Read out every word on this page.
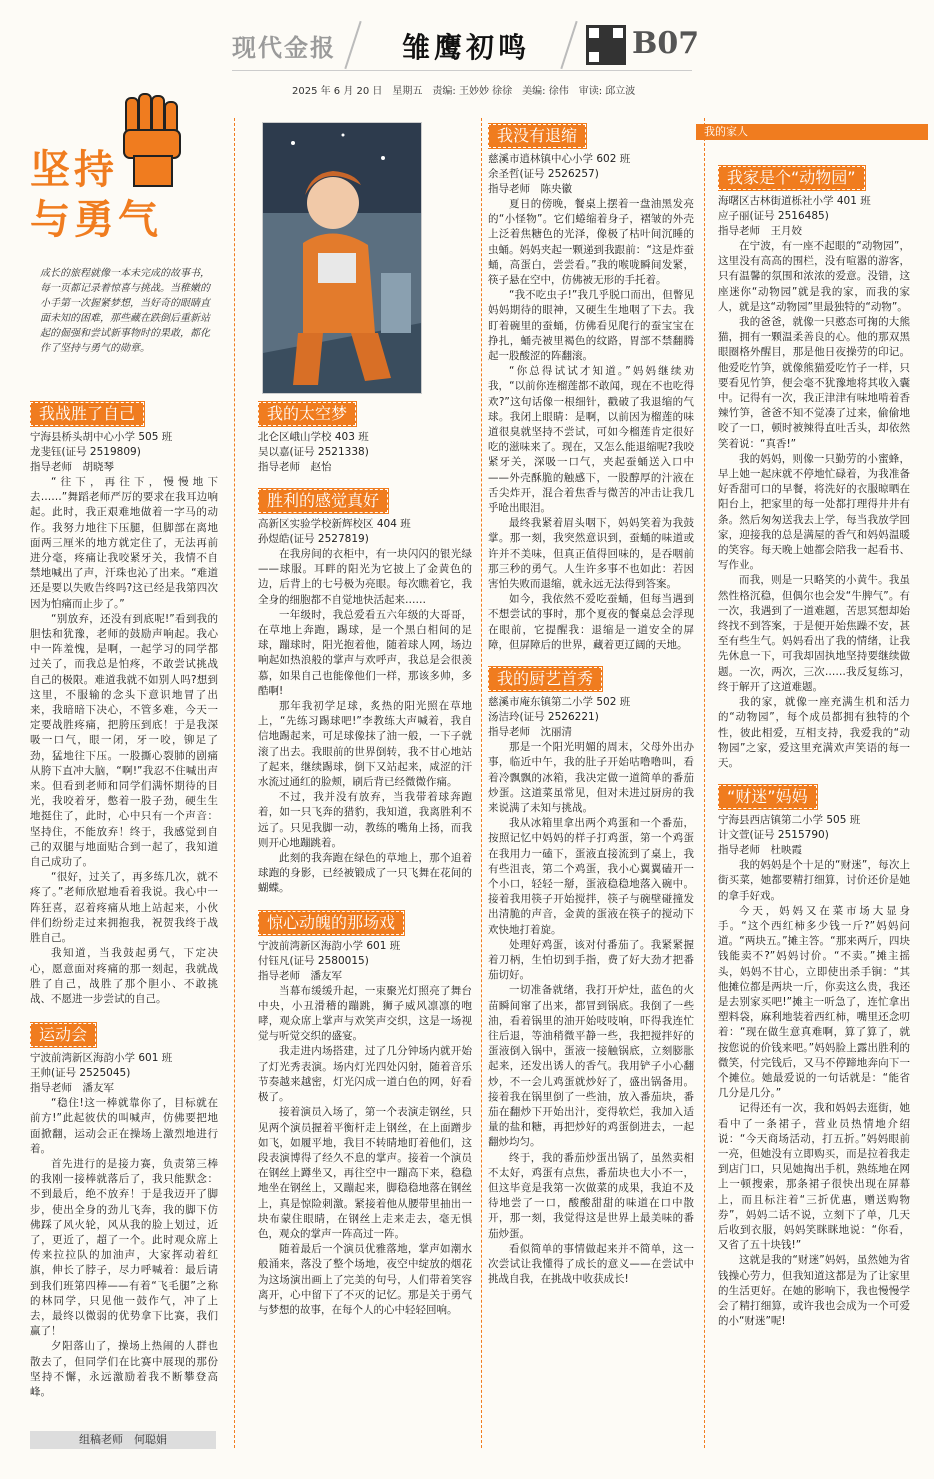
现代金报 雏鹰初鸣	B07
2025 年 6 月 20 日　星期五　责编: 王妙妙 徐徐　美编: 徐伟　审读: 邱立波
坚持
与勇气
成长的旅程就像一本未完成的故事书，每一页都记录着惊喜与挑战。当稚嫩的小手第一次握紧梦想，当好奇的眼睛直面未知的困难，那些藏在跌倒后重新站起的倔强和尝试新事物时的果敢，都化作了坚持与勇气的勋章。
我战胜了自己
宁海县桥头胡中心小学 505 班
龙斐钰(证号 2519809)
指导老师　胡晓琴

“往下，再往下，慢慢地下去……”舞蹈老师严厉的要求在我耳边响起。此时，我正艰难地做着一字马的动作。我努力地往下压腿，但脚部在离地面两三厘米的地方就定住了，无法再前进分毫，疼痛让我咬紧牙关，我情不自禁地喊出了声，汗珠也沁了出来。“难道还是要以失败告终吗?这已经是我第四次因为怕痛而止步了。”

“别放弃，还没有到底呢!”看到我的胆怯和犹豫，老师的鼓励声响起。我心中一阵羞愧，是啊，一起学习的同学都过关了，而我总是怕疼，不敢尝试挑战自己的极限。难道我就不如别人吗?想到这里，不服输的念头下意识地冒了出来，我暗暗下决心，不管多难，今天一定要战胜疼痛，把胯压到底！于是我深吸一口气，眼一闭，牙一咬，铆足了劲，猛地往下压。一股撕心裂肺的剧痛从胯下直冲大脑，“啊!”我忍不住喊出声来。但看到老师和同学们满怀期待的目光，我咬着牙，憋着一股子劲，硬生生地挺住了，此时，心中只有一个声音：坚持住，不能放弃！终于，我感觉到自己的双腿与地面贴合到一起了，我知道自己成功了。

“很好，过关了，再多练几次，就不疼了。”老师欣慰地看着我说。我心中一阵狂喜，忍着疼痛从地上站起来，小伙伴们纷纷走过来拥抱我，祝贺我终于战胜自己。

我知道，当我鼓起勇气，下定决心，愿意面对疼痛的那一刻起，我就战胜了自己，战胜了那个胆小、不敢挑战、不愿进一步尝试的自己。

运动会
宁波前湾新区海韵小学 601 班
王帅(证号 2525045)
指导老师　潘友军

“稳住!这一棒就靠你了，目标就在前方!”此起彼伏的叫喊声，仿佛要把地面掀翻，运动会正在操场上激烈地进行着。

首先进行的是接力赛，负责第三棒的我刚一接棒就落后了，我只能默念：不到最后，绝不放弃！于是我迈开了脚步，使出全身的劲儿飞奔，我的脚下仿佛踩了风火轮，风从我的脸上划过，近了，更近了，超了一个。此时观众席上传来拉拉队的加油声，大家挥动着红旗，伸长了脖子，尽力呼喊着：最后请到我们班第四棒——有着“飞毛腿”之称的林同学，只见他一鼓作气，冲了上去，最终以微弱的优势拿下比赛，我们赢了！

夕阳落山了，操场上热闹的人群也散去了，但同学们在比赛中展现的那份坚持不懈，永远激励着我不断攀登高峰。

组稿老师　何聪娟
我的太空梦
北仑区峨山学校 403 班
吴以嘉(证号 2521338)
指导老师　赵怡
胜利的感觉真好
高新区实验学校新辉校区 404 班
孙煜皓(证号 2527819)

在我房间的衣柜中，有一块闪闪的银光绿——球服。耳畔的阳光为它披上了金黄色的边，后背上的七号极为亮眼。每次瞧着它，我全身的细胞都不自觉地快活起来……

一年级时，我总爱看五六年级的大哥哥，在草地上奔跑，踢球，是一个黑白相间的足球，蹦球时，阳光抱着他，随着球人网，场边响起如热浪般的掌声与欢呼声，我总是会很羡慕，如果自己也能像他们一样，那该多帅，多酷啊!

那年我初学足球，炙热的阳光照在草地上，“先练习踢球吧!”李教练大声喊着，我自信地踢起来，可足球像抹了油一般，一下子就滚了出去。我眼前的世界倒转，我不甘心地站了起来，继续踢球，倒下又站起来，咸涩的汗水流过通红的脸颊，刷后背已经微微作痛。

不过，我并没有放弃，当我带着球奔跑着，如一只飞奔的猎豹，我知道，我离胜利不远了。只见我脚一动，教练的嘴角上扬，而我则开心地蹦跳着。

此刻的我奔跑在绿色的草地上，那个追着球跑的身影，已经被锻成了一只飞舞在花间的蝴蝶。

惊心动魄的那场戏
宁波前湾新区海韵小学 601 班
付钰凡(证号 2580015)
指导老师　潘友军

当幕布缓缓升起，一束聚光灯照亮了舞台中央，小丑滑稽的蹦跳，狮子威风凛凛的咆哮，观众席上掌声与欢笑声交织，这是一场视觉与听觉交织的盛宴。

我走进内场搭建，过了几分钟场内就开始了灯光秀表演。场内灯光四处闪射，随着音乐节奏越来越密，灯光闪成一道白色的网，好看极了。

接着演员入场了，第一个表演走钢丝，只见两个演员握着平衡杆走上钢丝，在上面蹭步如飞，如履平地，我目不转睛地盯着他们，这段表演博得了经久不息的掌声。接着一个演员在钢丝上蹲坐又，再往空中一蹦高下来，稳稳地坐在钢丝上，又蹦起来，脚稳稳地落在钢丝上，真是惊险刺激。紧接着他从腰带里抽出一块布蒙住眼睛，在钢丝上走来走去，毫无惧色，观众的掌声一阵高过一阵。

随着最后一个演员优雅落地，掌声如潮水般涌来，落没了整个场地，夜空中绽放的烟花为这场演出画上了完美的句号，人们带着笑容离开，心中留下了不灭的记忆。那是关于勇气与梦想的故事，在每个人的心中轻轻回响。

我没有退缩
慈溪市逍林镇中心小学 602 班
余圣哲(证号 2526257)
指导老师　陈央徽

夏日的傍晚，餐桌上摆着一盘油黑发亮的“小怪物”。它们蜷缩着身子，褶皱的外壳上泛着焦糖色的光泽，像极了枯叶间沉睡的虫蛹。妈妈夹起一颗递到我跟前：“这是炸蚕蛹，高蛋白，尝尝看。”我的喉咙瞬间发紧，筷子悬在空中，仿佛被无形的手托着。

“我不吃虫子!”我几乎脱口而出，但瞥见妈妈期待的眼神，又硬生生地咽了下去。我盯着碗里的蚕蛹，仿佛看见爬行的蚕宝宝在挣扎，蛹壳被里褐色的纹路，胃部不禁翻腾起一股酸涩的阵翻滚。

“你总得试试才知道。”妈妈继续劝我，“以前你连榴莲都不敢闻，现在不也吃得欢?”这句话像一根细针，戳破了我退缩的气球。我闭上眼睛：是啊，以前因为榴莲的味道很臭就坚持不尝试，可如今榴莲肯定很好吃的滋味来了。现在，又怎么能退缩呢?我咬紧牙关，深吸一口气，夹起蚕蛹送入口中——外壳酥脆的触感下，一股醇厚的汁液在舌尖炸开，混合着焦香与微苦的冲击让我几乎呛出眼泪。

最终我紧着眉头咽下，妈妈笑着为我鼓掌。那一刻，我突然意识到，蚕蛹的味道或许并不美味，但真正值得回味的，是吞咽前那三秒的勇气。人生许多事不也如此：若因害怕失败而退缩，就永远无法得到答案。

如今，我依然不爱吃蚕蛹，但每当遇到不想尝试的事时，那个夏夜的餐桌总会浮现在眼前，它提醒我：退缩是一道安全的屏障，但屏障后的世界，藏着更辽阔的天地。

我的厨艺首秀
慈溪市庵东镇第二小学 502 班
汤洁玲(证号 2526221)
指导老师　沈丽清

那是一个阳光明媚的周末，父母外出办事，临近中午，我的肚子开始咕噜噜叫，看着冷飘飘的冰箱，我决定做一道简单的番茄炒蛋。这道菜虽常见，但对未进过厨房的我来说满了未知与挑战。

我从冰箱里拿出两个鸡蛋和一个番茄，按照记忆中妈妈的样子打鸡蛋，第一个鸡蛋在我用力一磕下，蛋液直接流到了桌上，我有些沮丧，第二个鸡蛋，我小心翼翼磕开一个小口，轻轻一掰，蛋液稳稳地落入碗中。接着我用筷子开始搅拌，筷子与碗壁碰撞发出清脆的声音，金黄的蛋液在筷子的搅动下欢快地打着旋。

处理好鸡蛋，该对付番茄了。我紧紧握着刀柄，生怕切到手指，费了好大劲才把番茄切好。

一切准备就绪，我打开炉灶，蓝色的火苗瞬间窜了出来，都冒到锅底。我倒了一些油，看着锅里的油开始吱吱响，吓得我连忙往后退，等油稍微平静一些，我把搅拌好的蛋液倒入锅中，蛋液一接触锅底，立刻膨胀起来，还发出诱人的香气。我用铲子小心翻炒，不一会儿鸡蛋就炒好了，盛出锅备用。接着我在锅里倒了一些油，放入番茄块，番茄在翻炒下开始出汁，变得软烂，我加入适量的盐和糖，再把炒好的鸡蛋倒进去，一起翻炒均匀。

终于，我的番茄炒蛋出锅了，虽然卖相不太好，鸡蛋有点焦，番茄块也大小不一，但这毕竟是我第一次做菜的成果，我迫不及待地尝了一口，酸酸甜甜的味道在口中散开，那一刻，我觉得这是世界上最美味的番茄炒蛋。

看似简单的事情做起来并不简单，这一次尝试让我懂得了成长的意义——在尝试中挑战自我，在挑战中收获成长!

我的家人
我家是个“动物园”
海曙区古林街道栎社小学 401 班
应子丽(证号 2516485)
指导老师　王月姣

在宁波，有一座不起眼的“动物园”，这里没有高高的围栏，没有喧嚣的游客，只有温馨的氛围和浓浓的爱意。没错，这座迷你“动物园”就是我的家，而我的家人，就是这“动物园”里最独特的“动物”。

我的爸爸，就像一只憨态可掬的大熊猫，拥有一颗温柔善良的心。他的那双黑眼圈格外醒目，那是他日夜操劳的印记。他爱吃竹笋，就像熊猫爱吃竹子一样，只要看见竹笋，便会毫不犹豫地将其收入囊中。记得有一次，我正津津有味地啃着香辣竹笋，爸爸不知不觉凑了过来，偷偷地咬了一口，顿时被辣得直吐舌头，却依然笑着说：“真香!”

我的妈妈，则像一只勤劳的小蜜蜂，早上她一起床就不停地忙碌着，为我准备好香甜可口的早餐，将洗好的衣服晾晒在阳台上，把家里的每一处都打理得井井有条。然后匆匆送我去上学，每当我放学回家，迎接我的总是满屋的香气和妈妈温暖的笑容。每天晚上她都会陪我一起看书、写作业。

而我，则是一只略笑的小黄牛。我虽然性格沉稳，但偶尔也会发“牛脾气”。有一次，我遇到了一道难题，苦思冥想却始终找不到答案，于是便开始焦躁不安，甚至有些生气。妈妈看出了我的情绪，让我先休息一下，可我却固执地坚持要继续做题。一次，两次，三次……我反复练习，终于解开了这道难题。

我的家，就像一座充满生机和活力的“动物园”，每个成员都拥有独特的个性，彼此相爱，互相支持，我爱我的“动物园”之家，爱这里充满欢声笑语的每一天。

“财迷”妈妈
宁海县西店镇第二小学 505 班
计文萱(证号 2515790)
指导老师　杜映霞

我的妈妈是个十足的“财迷”，每次上街买菜，她都要精打细算，讨价还价是她的拿手好戏。

今天，妈妈又在菜市场大显身手。“这个西红柿多少钱一斤?”妈妈问道。“两块五。”摊主答。“那来两斤，四块钱能卖不?”妈妈讨价。“不卖。”摊主摇头，妈妈不甘心，立即使出杀手锏：“其他摊位都是两块一斤，你卖这么贵，我还是去别家买吧!”摊主一听急了，连忙拿出塑料袋，麻利地装着西红柿，嘴里还念叨着：“现在做生意真难啊，算了算了，就按您说的价钱来吧。”妈妈脸上露出胜利的微笑，付完钱后，又马不停蹄地奔向下一个摊位。她最爱说的一句话就是：“能省几分是几分。”

记得还有一次，我和妈妈去逛街，她看中了一条裙子，营业员热情地介绍说：“今天商场活动，打五折。”妈妈眼前一亮，但她没有立即购买，而是拉着我走到店门口，只见她掏出手机，熟练地在网上一顿搜索，那条裙子很快出现在屏幕上，而且标注着“三折优惠，赠送购物券”，妈妈二话不说，立刻下了单，几天后收到衣服，妈妈笑眯眯地说：“你看，又省了五十块钱!”

这就是我的“财迷”妈妈，虽然她为省钱操心劳力，但我知道这都是为了让家里的生活更好。在她的影响下，我也慢慢学会了精打细算，或许我也会成为一个可爱的小“财迷”呢!
